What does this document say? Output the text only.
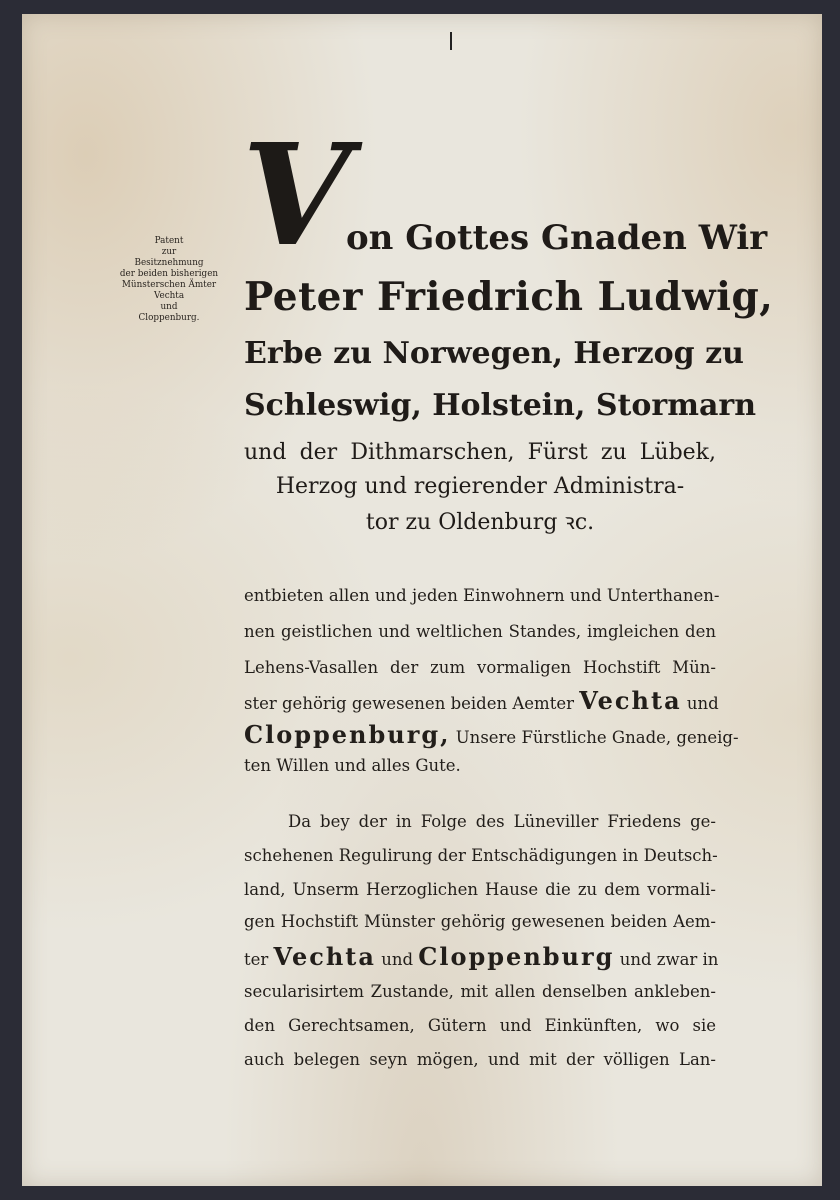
Patent
zur
Besitznehmung
der beiden bisherigen
Münsterschen Ämter
Vechta
und
Cloppenburg.
V
on Gottes Gnaden Wir
Peter Friedrich Ludwig,
Erbe zu Norwegen, Herzog zu
Schleswig, Holstein, Stormarn
und der Dithmarschen, Fürst zu Lübek,
Herzog und regierender Administra-
tor zu Oldenburg ꝛc.
entbieten allen und jeden Einwohnern und Unterthanen-
nen geistlichen und weltlichen Standes, imgleichen den
Lehens-Vasallen der zum vormaligen Hochstift Mün-
ster gehörig gewesenen beiden Aemter Vechta und
Cloppenburg, Unsere Fürstliche Gnade, geneig-
ten Willen und alles Gute.
Da bey der in Folge des Lüneviller Friedens ge-
schehenen Regulirung der Entschädigungen in Deutsch-
land, Unserm Herzoglichen Hause die zu dem vormali-
gen Hochstift Münster gehörig gewesenen beiden Aem-
ter Vechta und Cloppenburg und zwar in
secularisirtem Zustande, mit allen denselben ankleben-
den Gerechtsamen, Gütern und Einkünften, wo sie
auch belegen seyn mögen, und mit der völligen Lan-
